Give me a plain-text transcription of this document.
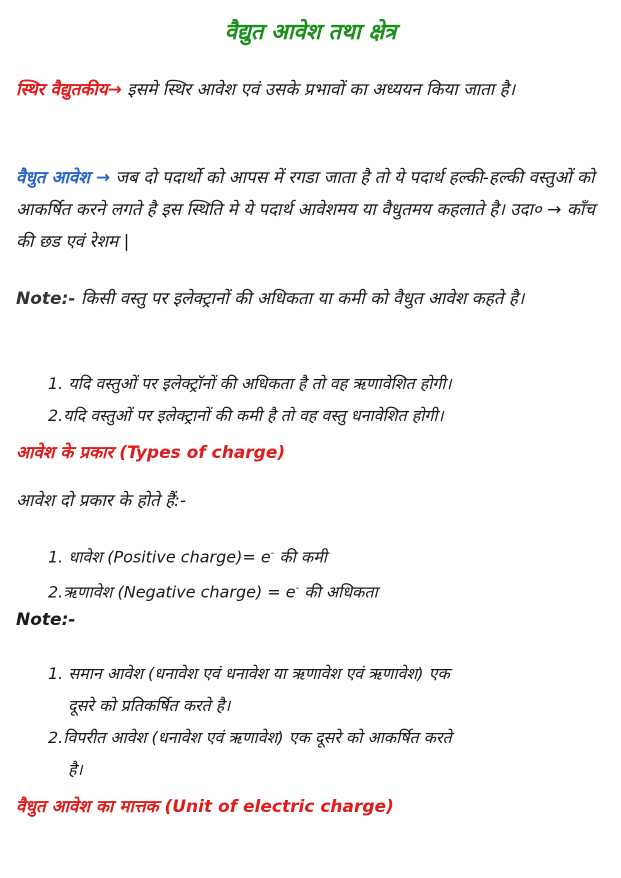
वैद्युत आवेश तथा क्षेत्र
स्थिर वैद्युतकीय→ इसमे स्थिर आवेश एवं उसके प्रभावों का अध्ययन किया जाता है।
वैधुत आवेश → जब दो पदार्थो को आपस में रगडा जाता है तो ये पदार्थ हल्की-हल्की वस्तुओं को आकर्षित करने लगते है इस स्थिति मे ये पदार्थ आवेशमय या वैधुतमय कहलाते है। उदा० → काँच की छड एवं रेशम |
Note:- किसी वस्तु पर इलेक्ट्रानों की अधिकता या कमी को वैधुत आवेश कहते है।
1. यदि वस्तुओं पर इलेक्ट्रॉनों की अधिकता है तो वह ऋणावेशित होगी।
2.यदि वस्तुओं पर इलेक्ट्रानों की कमी है तो वह वस्तु धनावेशित होगी।
आवेश के प्रकार (Types of charge)
आवेश दो प्रकार के होते हैं:-
1. धावेश (Positive charge)= e- की कमी
2.ऋणावेश (Negative charge) = e- की अधिकता
Note:-
1. समान आवेश (धनावेश एवं धनावेश या ऋणावेश एवं ऋणावेश) एक
दूसरे को प्रतिकर्षित करते है।
2.विपरीत आवेश (धनावेश एवं ऋणावेश) एक दूसरे को आकर्षित करते
है।
वैधुत आवेश का मात्तक (Unit of electric charge)
